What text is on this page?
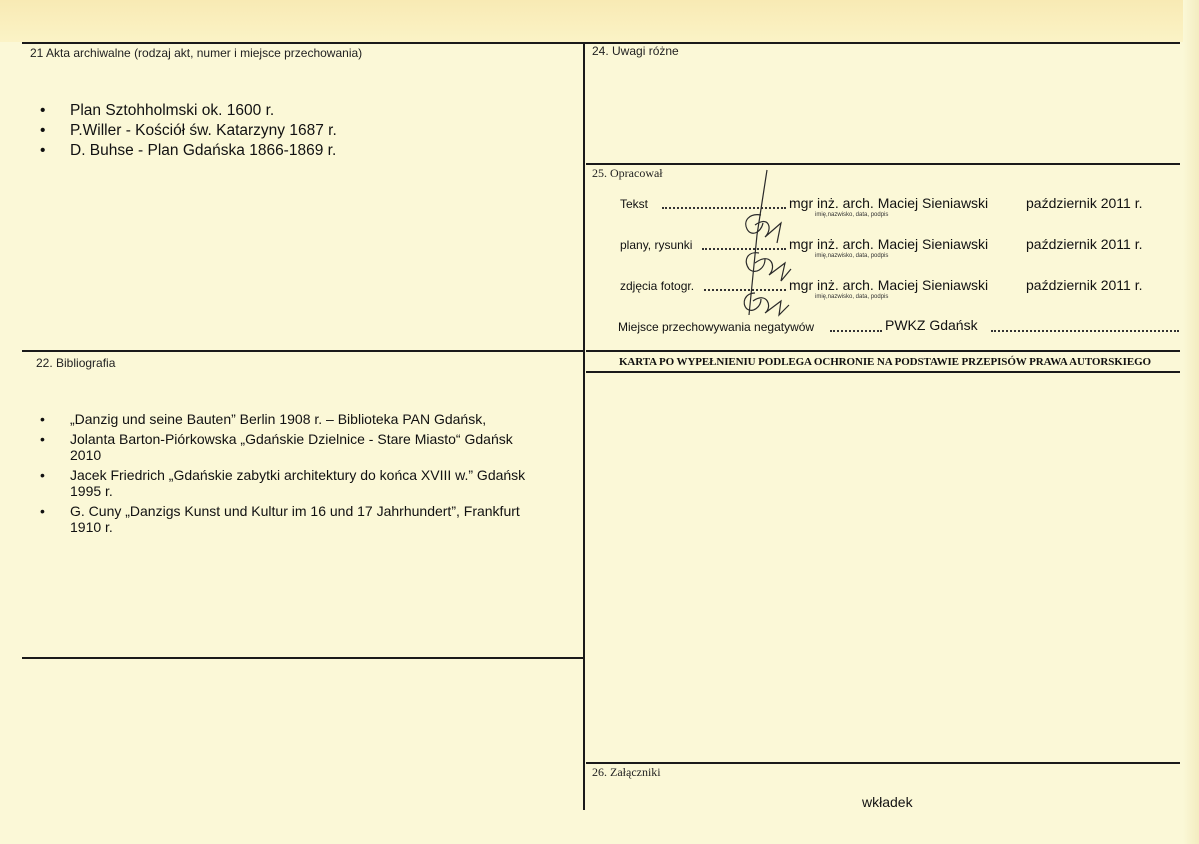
21 Akta archiwalne (rodzaj akt, numer i miejsce przechowania)
• Plan Sztohholmski ok. 1600 r.
• P.Willer - Kościół św. Katarzyny 1687 r.
• D. Buhse - Plan Gdańska 1866-1869 r.
22. Bibliografia
• „Danzig und seine Bauten” Berlin 1908 r. – Biblioteka PAN Gdańsk,
• Jolanta Barton-Piórkowska „Gdańskie Dzielnice - Stare Miasto“ Gdańsk 2010
• Jacek Friedrich „Gdańskie zabytki architektury do końca XVIII w.” Gdańsk 1995 r.
• G. Cuny „Danzigs Kunst und Kultur im 16 und 17 Jahrhundert”, Frankfurt 1910 r.
24. Uwagi różne
25. Opracował
Tekst	mgr inż. arch. Maciej Sieniawski	październik 2011 r.
imię,nazwisko, data, podpis
plany, rysunki	mgr inż. arch. Maciej Sieniawski	październik 2011 r.
imię,nazwisko, data, podpis
zdjęcia fotogr.	mgr inż. arch. Maciej Sieniawski	październik 2011 r.
imię,nazwisko, data, podpis
Miejsce przechowywania negatywów	PWKZ Gdańsk
KARTA PO WYPEŁNIENIU PODLEGA OCHRONIE NA PODSTAWIE PRZEPISÓW PRAWA AUTORSKIEGO
26. Załączniki
wkładek
